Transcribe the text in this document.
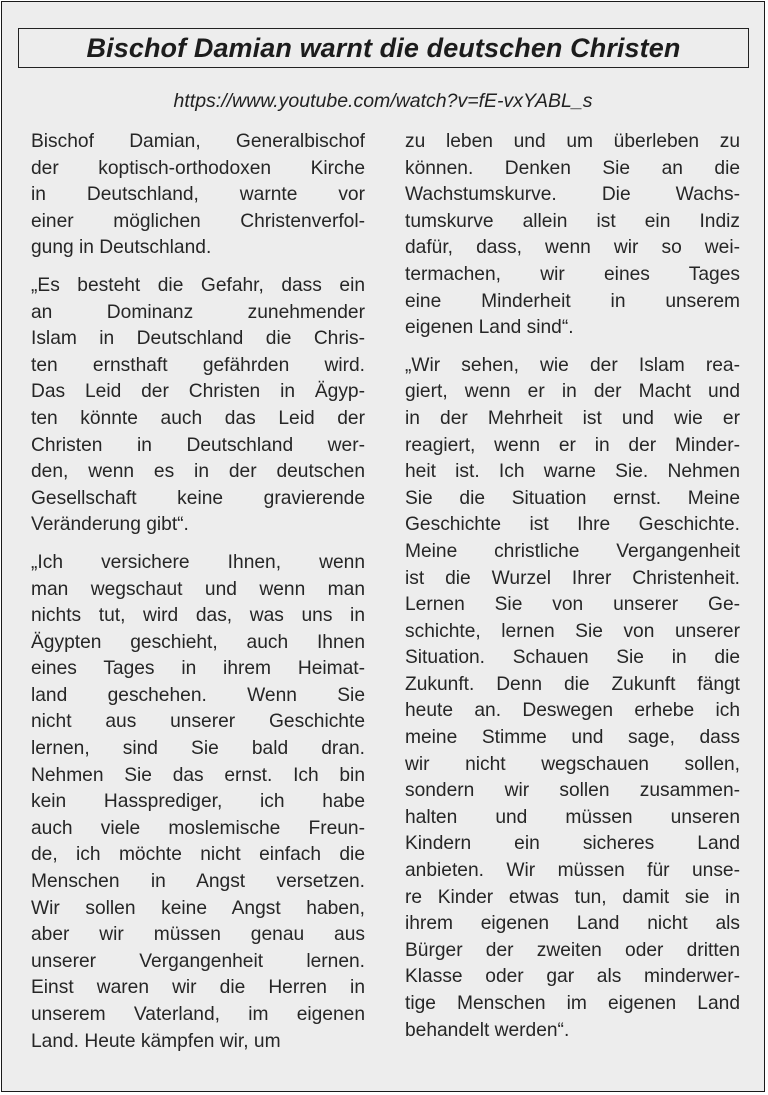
Bischof Damian warnt die deutschen Christen
https://www.youtube.com/watch?v=fE-vxYABL_s
Bischof Damian, Generalbischof
der koptisch-orthodoxen Kirche
in Deutschland, warnte vor
einer möglichen Christenverfol-
gung in Deutschland.
„Es besteht die Gefahr, dass ein
an Dominanz zunehmender
Islam in Deutschland die Chris-
ten ernsthaft gefährden wird.
Das Leid der Christen in Ägyp-
ten könnte auch das Leid der
Christen in Deutschland wer-
den, wenn es in der deutschen
Gesellschaft keine gravierende
Veränderung gibt“.
„Ich versichere Ihnen, wenn
man wegschaut und wenn man
nichts tut, wird das, was uns in
Ägypten geschieht, auch Ihnen
eines Tages in ihrem Heimat-
land geschehen. Wenn Sie
nicht aus unserer Geschichte
lernen, sind Sie bald dran.
Nehmen Sie das ernst. Ich bin
kein Hassprediger, ich habe
auch viele moslemische Freun-
de, ich möchte nicht einfach die
Menschen in Angst versetzen.
Wir sollen keine Angst haben,
aber wir müssen genau aus
unserer Vergangenheit lernen.
Einst waren wir die Herren in
unserem Vaterland, im eigenen
Land. Heute kämpfen wir, um
zu leben und um überleben zu
können. Denken Sie an die
Wachstumskurve. Die Wachs-
tumskurve allein ist ein Indiz
dafür, dass, wenn wir so wei-
termachen, wir eines Tages
eine Minderheit in unserem
eigenen Land sind“.
„Wir sehen, wie der Islam rea-
giert, wenn er in der Macht und
in der Mehrheit ist und wie er
reagiert, wenn er in der Minder-
heit ist. Ich warne Sie. Nehmen
Sie die Situation ernst. Meine
Geschichte ist Ihre Geschichte.
Meine christliche Vergangenheit
ist die Wurzel Ihrer Christenheit.
Lernen Sie von unserer Ge-
schichte, lernen Sie von unserer
Situation. Schauen Sie in die
Zukunft. Denn die Zukunft fängt
heute an. Deswegen erhebe ich
meine Stimme und sage, dass
wir nicht wegschauen sollen,
sondern wir sollen zusammen-
halten und müssen unseren
Kindern ein sicheres Land
anbieten. Wir müssen für unse-
re Kinder etwas tun, damit sie in
ihrem eigenen Land nicht als
Bürger der zweiten oder dritten
Klasse oder gar als minderwer-
tige Menschen im eigenen Land
behandelt werden“.
